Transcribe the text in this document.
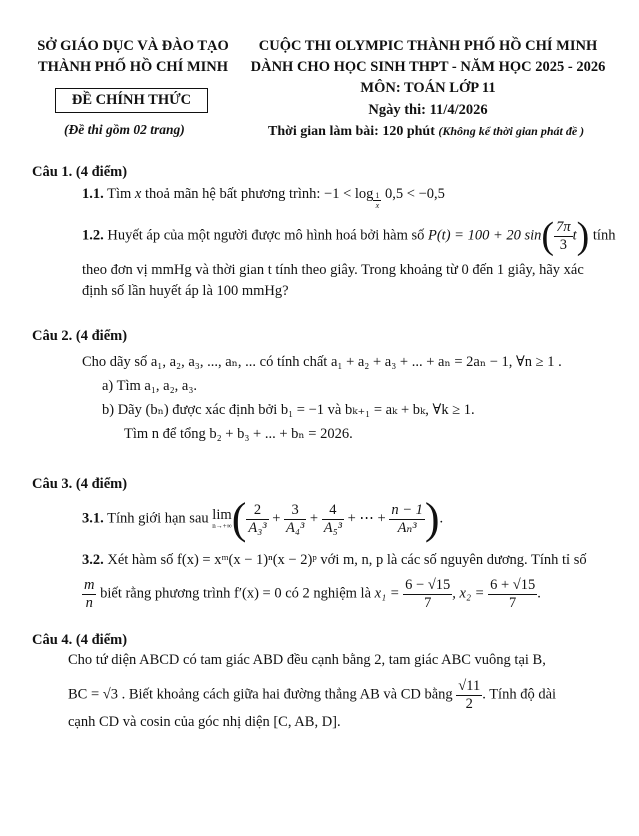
SỞ GIÁO DỤC VÀ ĐÀO TẠO
THÀNH PHỐ HỒ CHÍ MINH
ĐỀ CHÍNH THỨC
(Đề thi gồm 02 trang)
CUỘC THI OLYMPIC THÀNH PHỐ HỒ CHÍ MINH
DÀNH CHO HỌC SINH THPT - NĂM HỌC 2025 - 2026
MÔN: TOÁN LỚP 11
Ngày thi: 11/4/2026
Thời gian làm bài: 120 phút (Không kể thời gian phát đề )
Câu 1. (4 điểm)
1.1. Tìm x thoả mãn hệ bất phương trình: $-1 < \log \frac{1}{x} 0,5 < -0,5$
1.2. Huyết áp của một người được mô hình hoá bởi hàm số P(t) = 100 + 20 $\sin( \frac{7\pi}{3} t)$ tính
theo đơn vị mmHg và thời gian t tính theo giây. Trong khoảng từ 0 đến 1 giây, hãy xác
định số lần huyết áp là 100 mmHg?
Câu 2. (4 điểm)
Cho dãy số a₁, a₂, a₃, ..., aₙ, ... có tính chất a₁ + a₂ + a₃ + ... + aₙ = 2aₙ − 1, ∀n ≥ 1 .
a) Tìm a₁, a₂, a₃.
b) Dãy (bₙ) được xác định bởi b₁ = −1 và bₖ₊₁ = aₖ + bₖ, ∀k ≥ 1.
Tìm n để tổng b₂ + b₃ + ... + bₙ = 2026.
Câu 3. (4 điểm)
3.1. Tính giới hạn sau lim
n→+∞ ( $\frac{2}{\text{A₃³}} + \frac{3}{\text{A₄³}} + \frac{4}{\text{A₅³}}$ + ⋯ + $\frac{n - 1}{\text{Aₙ³}}$ ).
3.2. Xét hàm số f(x) = xᵐ(x − 1)ⁿ(x − 2)ᵖ với m, n, p là các số nguyên dương. Tính tỉ số
$\frac{m}{n}$ biết rằng phương trình f′(x) = 0 có 2 nghiệm là $x_1 = \frac{6 - √15}{7}$ , $x_2 = \frac{6 + √15}{7}$ .
Câu 4. (4 điểm)
Cho tứ diện ABCD có tam giác ABD đều cạnh bằng 2, tam giác ABC vuông tại B,
BC = √3 . Biết khoảng cách giữa hai đường thẳng AB và CD bằng $\frac{√11}{2}$ . Tính độ dài
cạnh CD và cosin của góc nhị diện [C, AB, D].
